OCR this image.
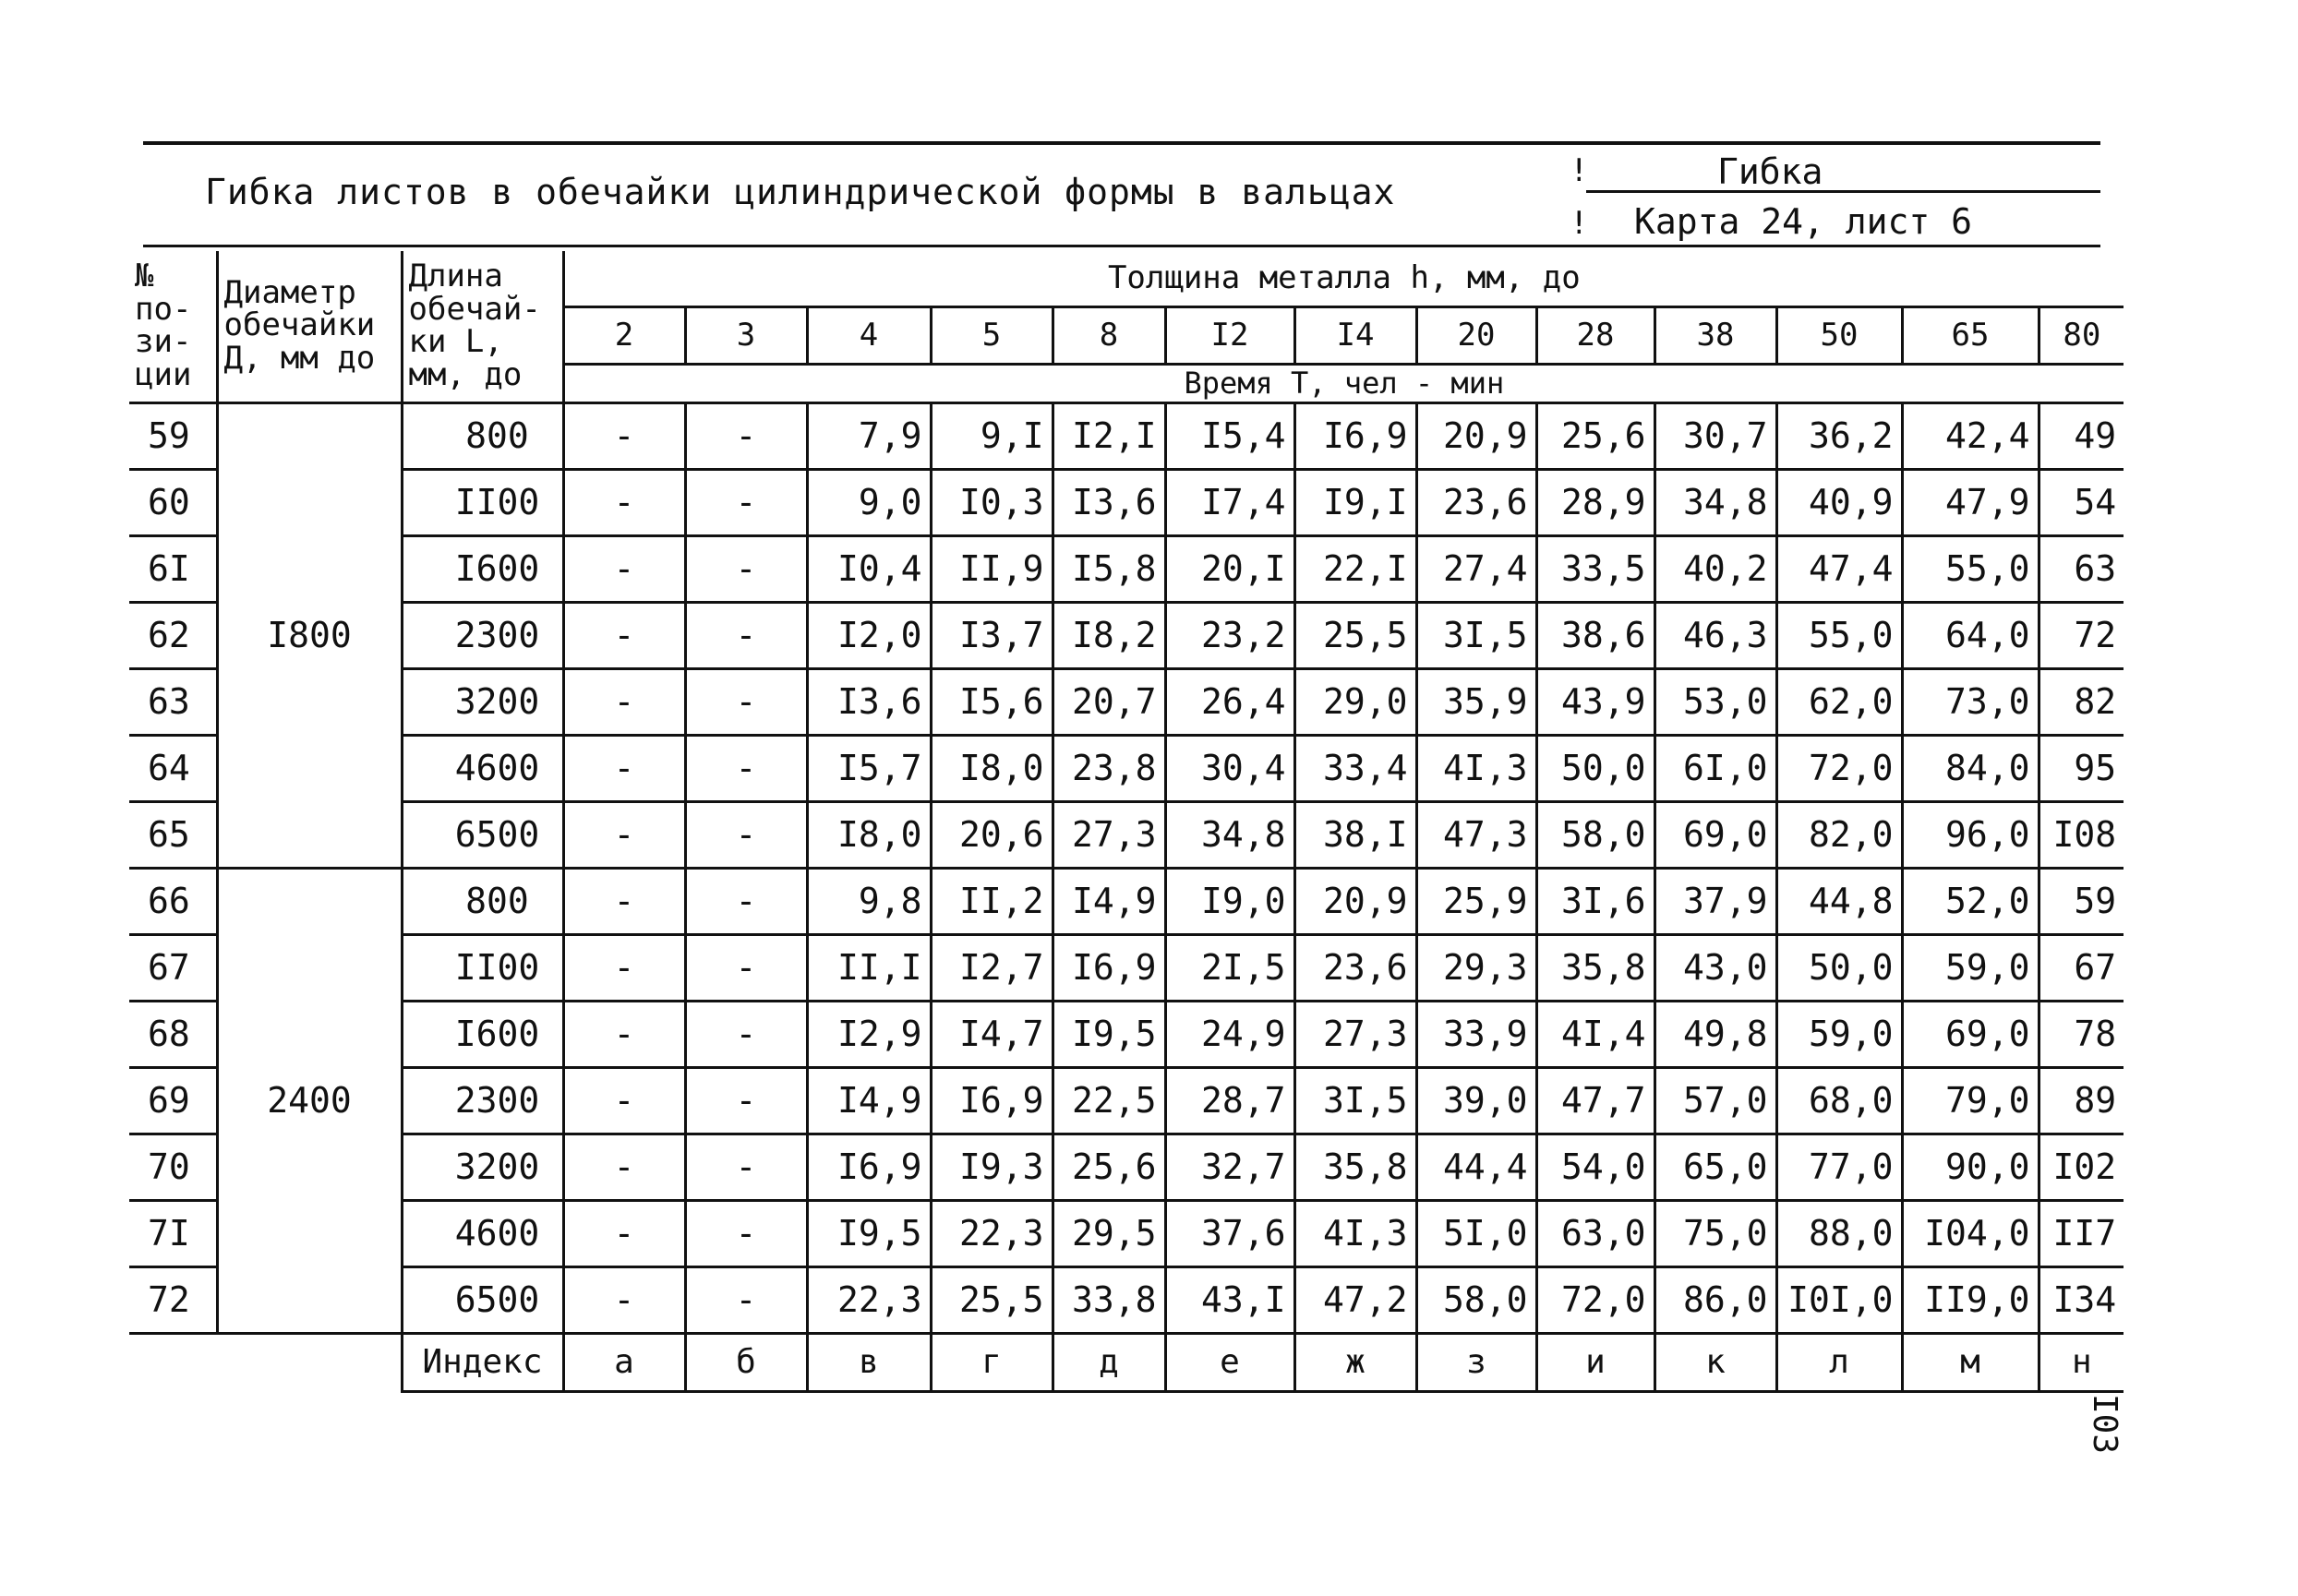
Гибка листов в обечайки цилиндрической формы в вальцах
!
!
Гибка
Карта 24, лист 6
№ по-зи-ции	Диаметр обечайки Д, мм до	Длина обечай-ки L, мм, до	Толщина металла h, мм, до												
			2	3	4	5	8	I2	I4	20	28	38	50	65	80
			Время Т, чел - мин												
59	I800	800	-	-	7,9	9,I	I2,I	I5,4	I6,9	20,9	25,6	30,7	36,2	42,4	49
60		II00	-	-	9,0	I0,3	I3,6	I7,4	I9,I	23,6	28,9	34,8	40,9	47,9	54
6I		I600	-	-	I0,4	II,9	I5,8	20,I	22,I	27,4	33,5	40,2	47,4	55,0	63
62		2300	-	-	I2,0	I3,7	I8,2	23,2	25,5	3I,5	38,6	46,3	55,0	64,0	72
63		3200	-	-	I3,6	I5,6	20,7	26,4	29,0	35,9	43,9	53,0	62,0	73,0	82
64		4600	-	-	I5,7	I8,0	23,8	30,4	33,4	4I,3	50,0	6I,0	72,0	84,0	95
65		6500	-	-	I8,0	20,6	27,3	34,8	38,I	47,3	58,0	69,0	82,0	96,0	I08
66	2400	800	-	-	9,8	II,2	I4,9	I9,0	20,9	25,9	3I,6	37,9	44,8	52,0	59
67		II00	-	-	II,I	I2,7	I6,9	2I,5	23,6	29,3	35,8	43,0	50,0	59,0	67
68		I600	-	-	I2,9	I4,7	I9,5	24,9	27,3	33,9	4I,4	49,8	59,0	69,0	78
69		2300	-	-	I4,9	I6,9	22,5	28,7	3I,5	39,0	47,7	57,0	68,0	79,0	89
70		3200	-	-	I6,9	I9,3	25,6	32,7	35,8	44,4	54,0	65,0	77,0	90,0	I02
7I		4600	-	-	I9,5	22,3	29,5	37,6	4I,3	5I,0	63,0	75,0	88,0	I04,0	II7
72		6500	-	-	22,3	25,5	33,8	43,I	47,2	58,0	72,0	86,0	I0I,0	II9,0	I34
		Индекс	а	б	в	г	д	е	ж	з	и	к	л	м	н
I03
